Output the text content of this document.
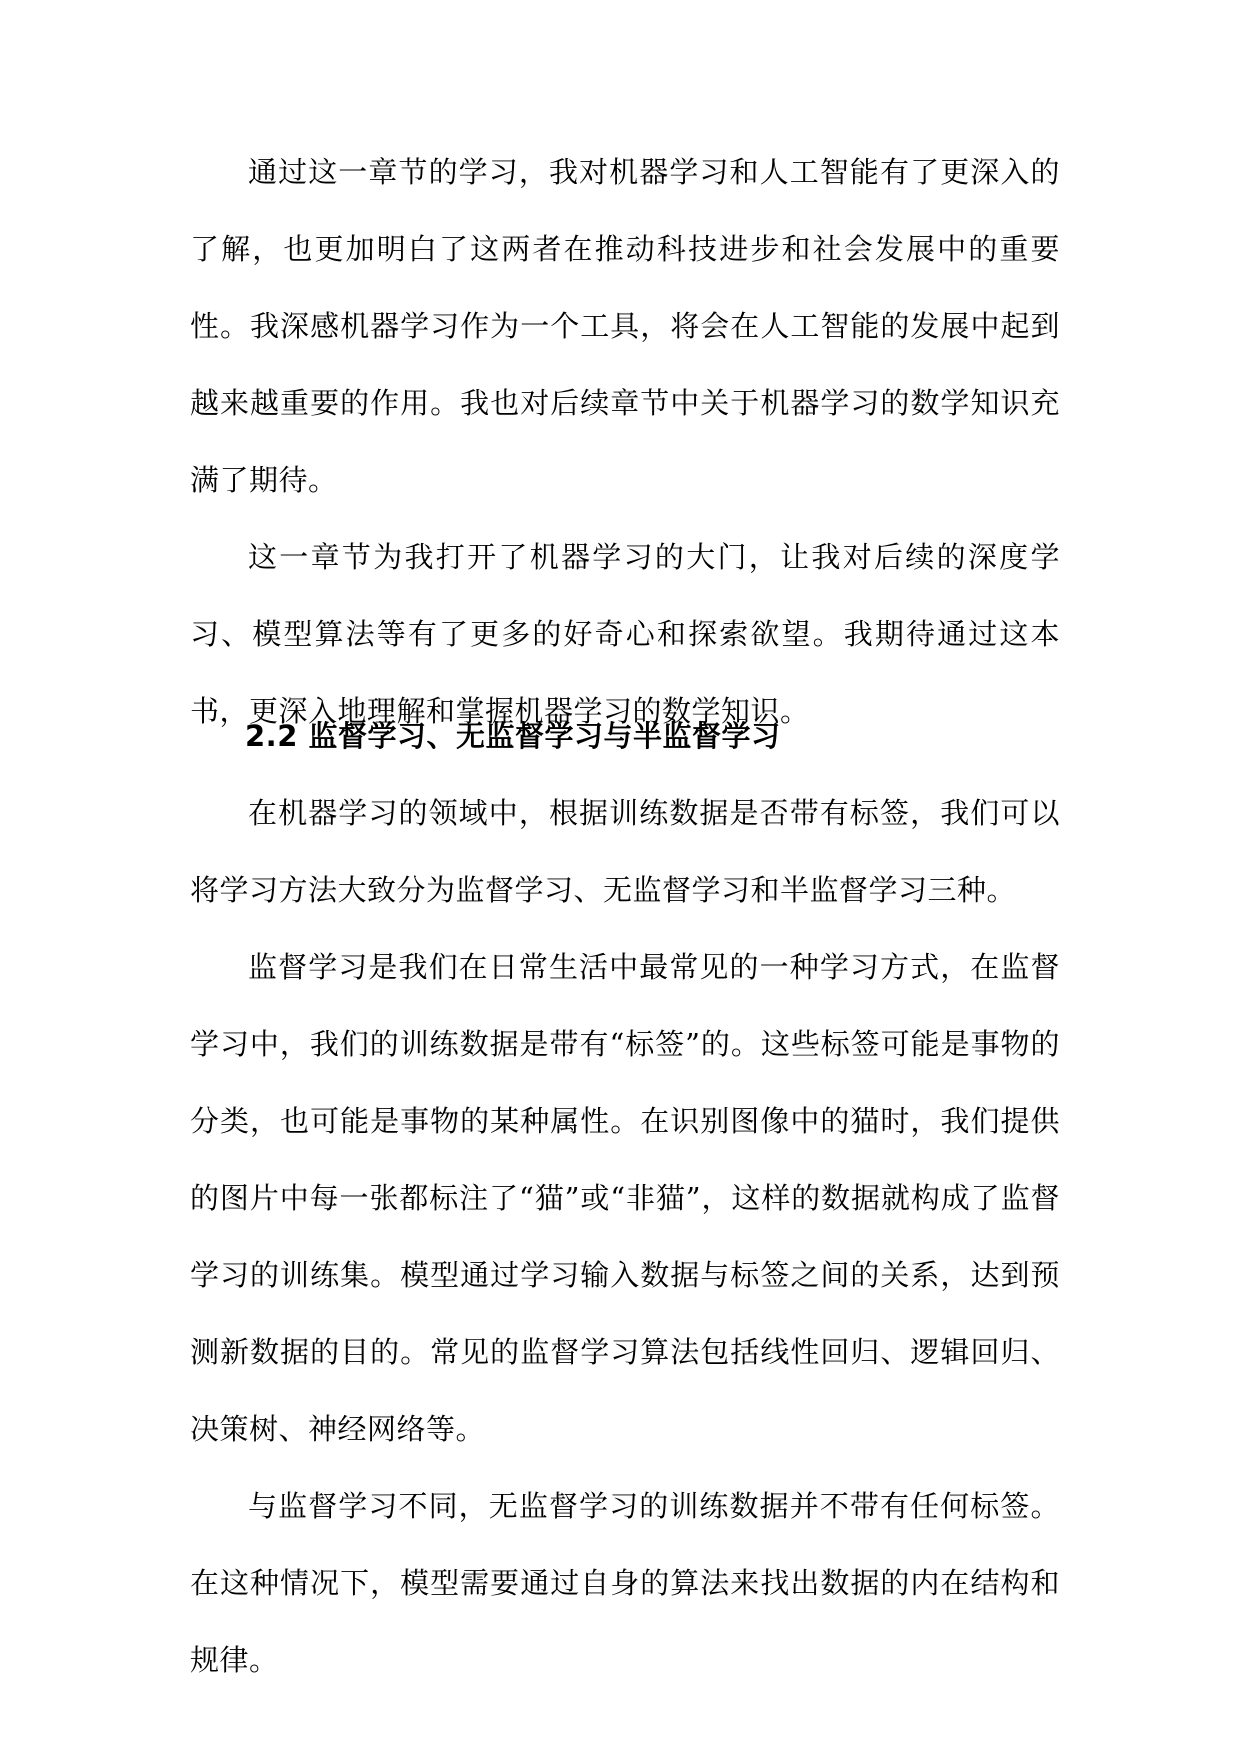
通过这一章节的学习，我对机器学习和人工智能有了更深入的了解，也更加明白了这两者在推动科技进步和社会发展中的重要性。我深感机器学习作为一个工具，将会在人工智能的发展中起到越来越重要的作用。我也对后续章节中关于机器学习的数学知识充满了期待。

这一章节为我打开了机器学习的大门，让我对后续的深度学习、模型算法等有了更多的好奇心和探索欲望。我期待通过这本书，更深入地理解和掌握机器学习的数学知识。

2.2 监督学习、无监督学习与半监督学习

在机器学习的领域中，根据训练数据是否带有标签，我们可以将学习方法大致分为监督学习、无监督学习和半监督学习三种。

监督学习是我们在日常生活中最常见的一种学习方式，在监督学习中，我们的训练数据是带有“标签”的。这些标签可能是事物的分类，也可能是事物的某种属性。在识别图像中的猫时，我们提供的图片中每一张都标注了“猫”或“非猫”，这样的数据就构成了监督学习的训练集。模型通过学习输入数据与标签之间的关系，达到预测新数据的目的。常见的监督学习算法包括线性回归、逻辑回归、决策树、神经网络等。

与监督学习不同，无监督学习的训练数据并不带有任何标签。在这种情况下，模型需要通过自身的算法来找出数据的内在结构和规律。
